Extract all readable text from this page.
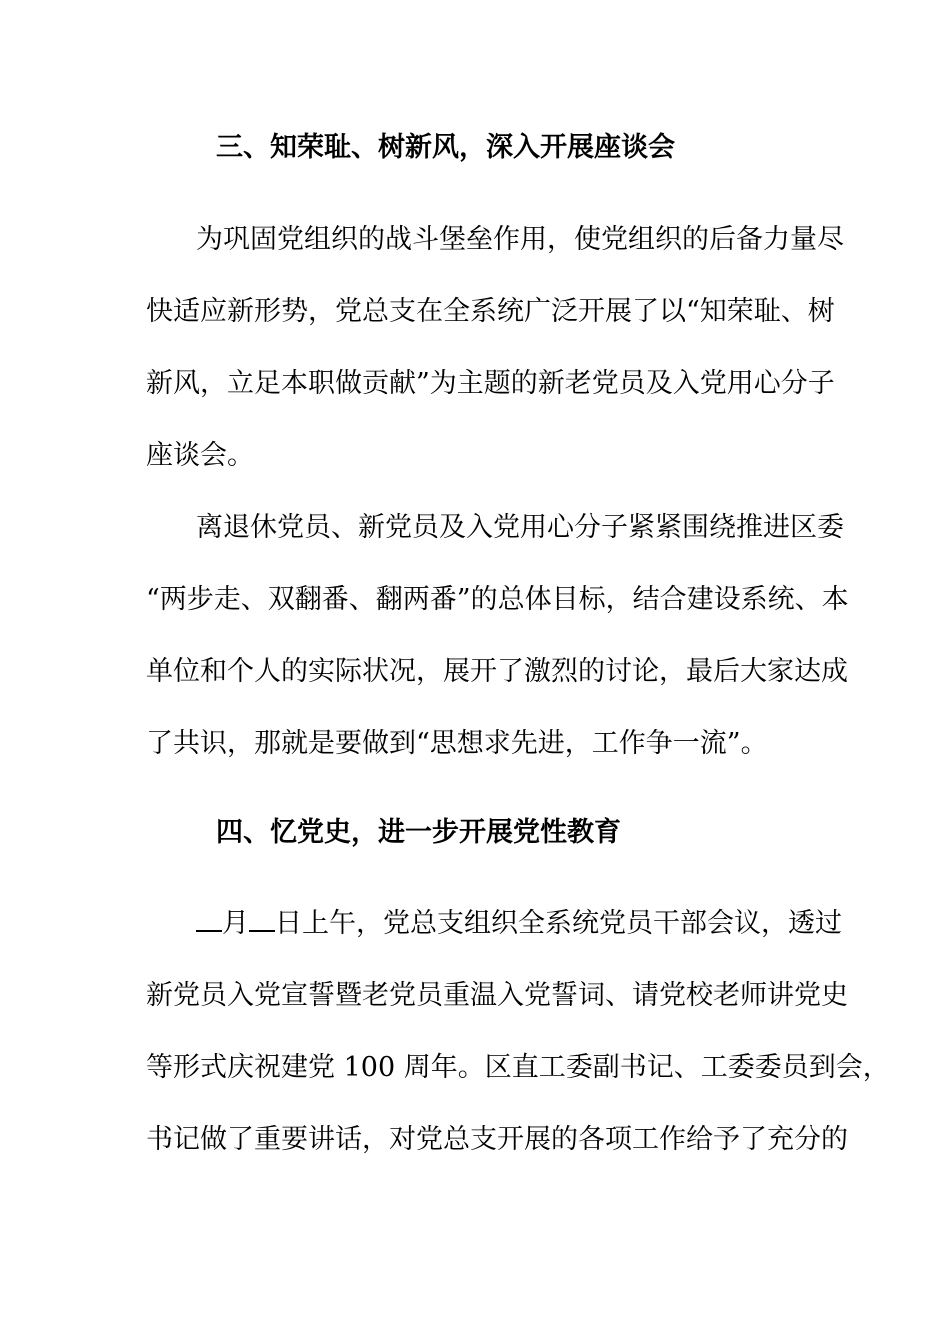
三、知荣耻、树新风，深入开展座谈会
为巩固党组织的战斗堡垒作用，使党组织的后备力量尽
快适应新形势，党总支在全系统广泛开展了以“知荣耻、树
新风，立足本职做贡献”为主题的新老党员及入党用心分子
座谈会。
离退休党员、新党员及入党用心分子紧紧围绕推进区委
“两步走、双翻番、翻两番”的总体目标，结合建设系统、本
单位和个人的实际状况，展开了激烈的讨论，最后大家达成
了共识，那就是要做到“思想求先进，工作争一流”。
四、忆党史，进一步开展党性教育
月 日上午，党总支组织全系统党员干部会议，透过
新党员入党宣誓暨老党员重温入党誓词、请党校老师讲党史
等形式庆祝建党 100 周年。区直工委副书记、工委委员到会，
书记做了重要讲话，对党总支开展的各项工作给予了充分的
